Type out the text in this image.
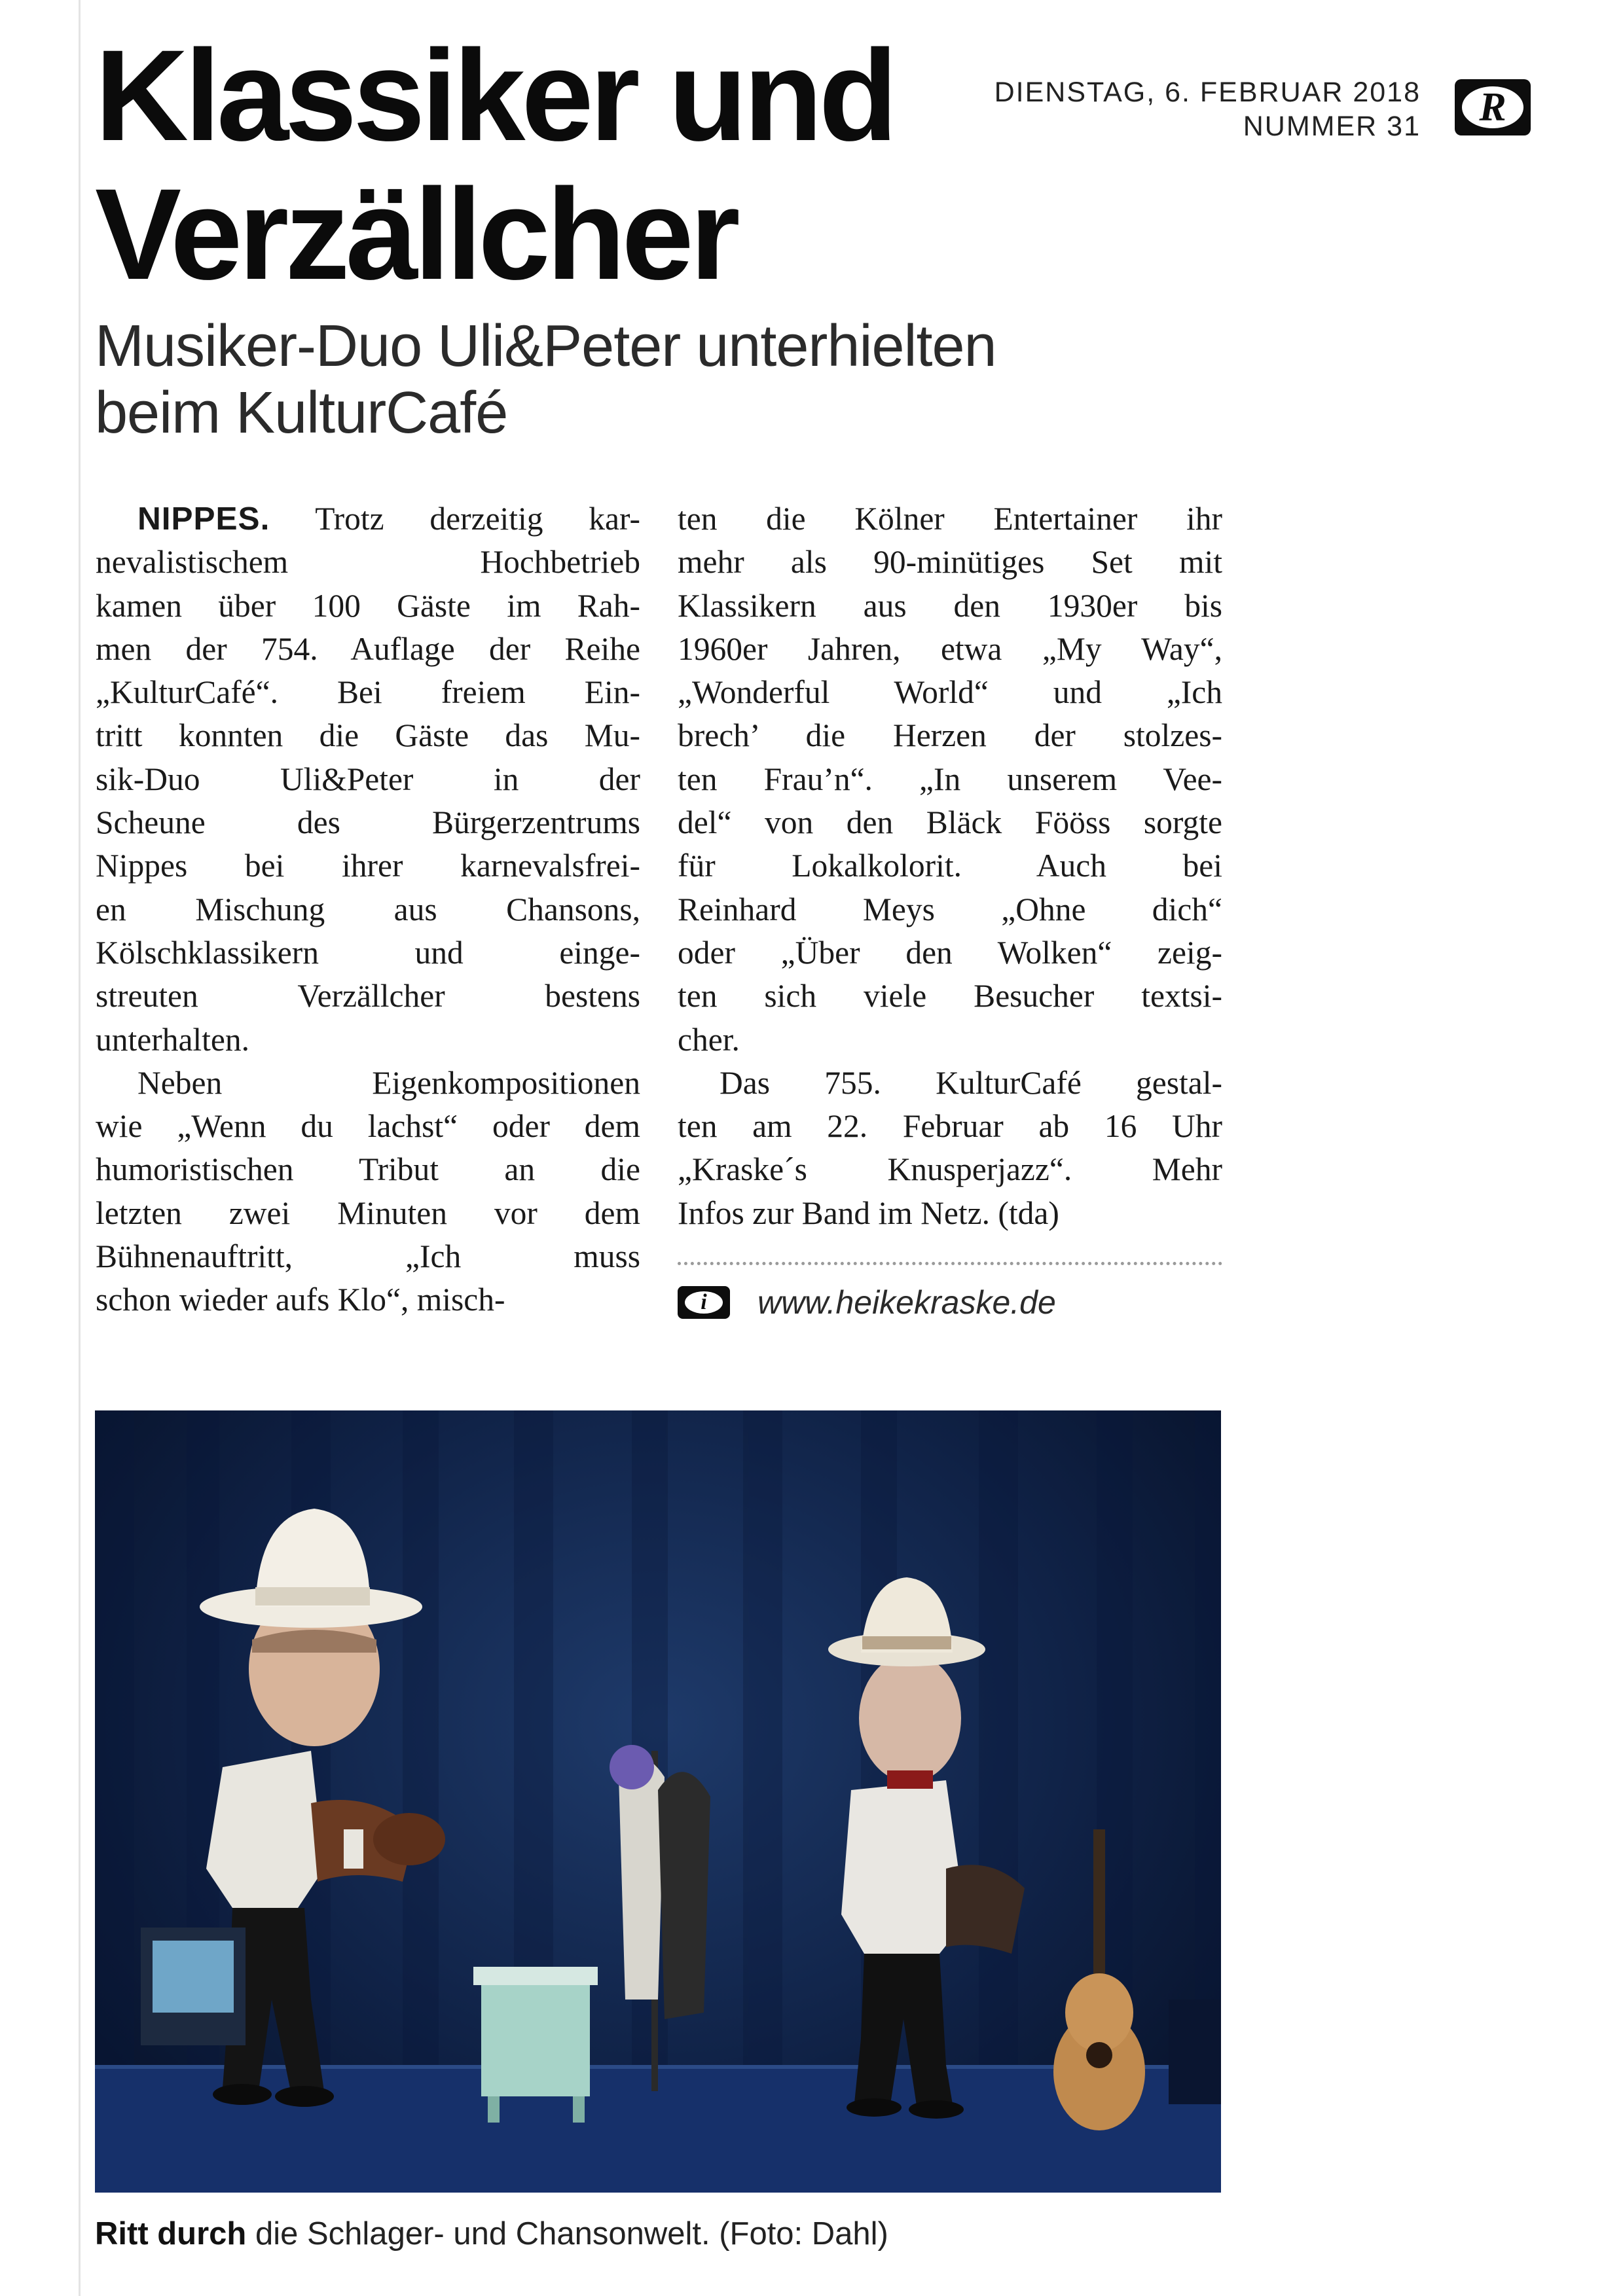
Klassiker und
Verzällcher
DIENSTAG, 6. FEBRUAR 2018
NUMMER 31	R
Musiker-Duo Uli&Peter unterhielten
beim KulturCafé
NIPPES. Trotz derzeitig kar-
nevalistischem Hochbetrieb
kamen über 100 Gäste im Rah-
men der 754. Auflage der Reihe
„KulturCafé“. Bei freiem Ein-
tritt konnten die Gäste das Mu-
sik-Duo Uli&Peter in der
Scheune des Bürgerzentrums
Nippes bei ihrer karnevalsfrei-
en Mischung aus Chansons,
Kölschklassikern und einge-
streuten Verzällcher bestens
unterhalten.
Neben Eigenkompositionen
wie „Wenn du lachst“ oder dem
humoristischen Tribut an die
letzten zwei Minuten vor dem
Bühnenauftritt, „Ich muss
schon wieder aufs Klo“, misch-
ten die Kölner Entertainer ihr
mehr als 90-minütiges Set mit
Klassikern aus den 1930er bis
1960er Jahren, etwa „My Way“,
„Wonderful World“ und „Ich
brech’ die Herzen der stolzes-
ten Frau’n“. „In unserem Vee-
del“ von den Bläck Fööss sorgte
für Lokalkolorit. Auch bei
Reinhard Meys „Ohne dich“
oder „Über den Wolken“ zeig-
ten sich viele Besucher textsi-
cher.
Das 755. KulturCafé gestal-
ten am 22. Februar ab 16 Uhr
„Kraske´s Knusperjazz“. Mehr
Infos zur Band im Netz. (tda)
i	www.heikekraske.de
Ritt durch die Schlager- und Chansonwelt. (Foto: Dahl)
